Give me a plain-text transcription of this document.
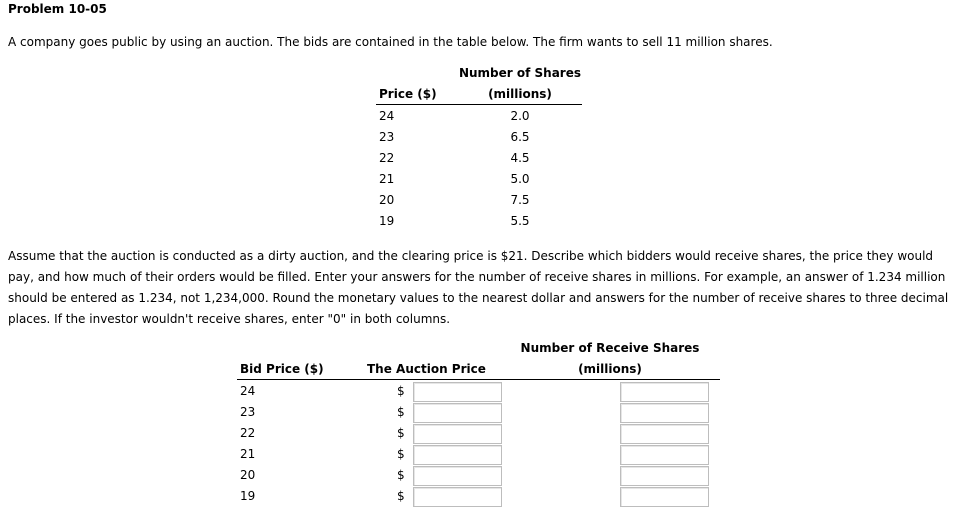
Problem 10-05
A company goes public by using an auction. The bids are contained in the table below. The firm wants to sell 11 million shares.
Number of Shares
Price ($)	(millions)
24	2.0
23	6.5
22	4.5
21	5.0
20	7.5
19	5.5
Assume that the auction is conducted as a dirty auction, and the clearing price is $21. Describe which bidders would receive shares, the price they would pay, and how much of their orders would be filled. Enter your answers for the number of receive shares in millions. For example, an answer of 1.234 million should be entered as 1.234, not 1,234,000. Round the monetary values to the nearest dollar and answers for the number of receive shares to three decimal places. If the investor wouldn't receive shares, enter "0" in both columns.
Number of Receive Shares
Bid Price ($)	The Auction Price	(millions)
24	$
23	$
22	$
21	$
20	$
19	$
